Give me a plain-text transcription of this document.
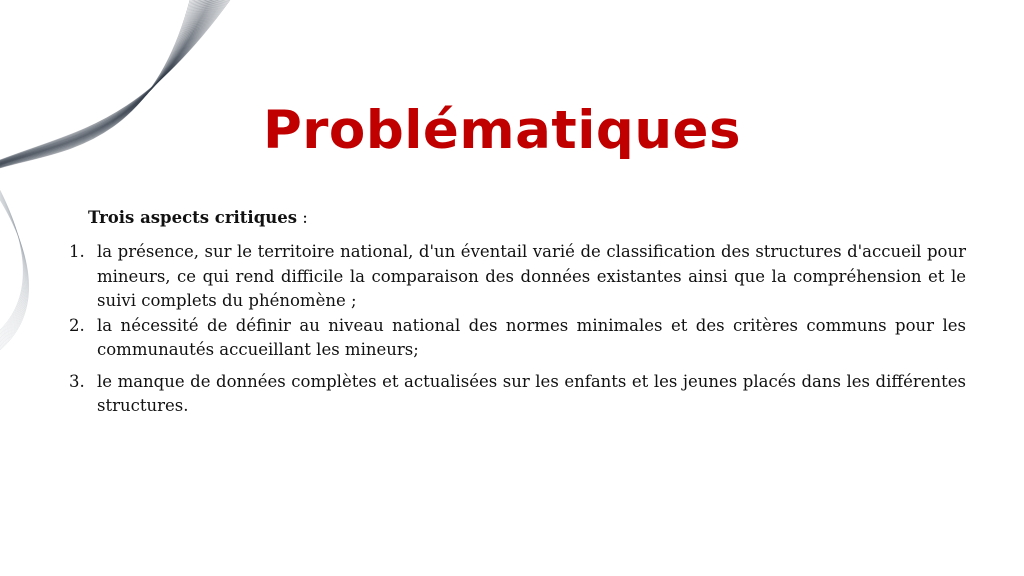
Problématiques
Trois aspects critiques :
1. la présence, sur le territoire national, d'un éventail varié de classification des structures d'accueil pour mineurs, ce qui rend difficile la comparaison des données existantes ainsi que la compréhension et le suivi complets du phénomène ;
2. la nécessité de définir au niveau national des normes minimales et des critères communs pour les communautés accueillant les mineurs;
3. le manque de données complètes et actualisées sur les enfants et les jeunes placés dans les différentes structures.
